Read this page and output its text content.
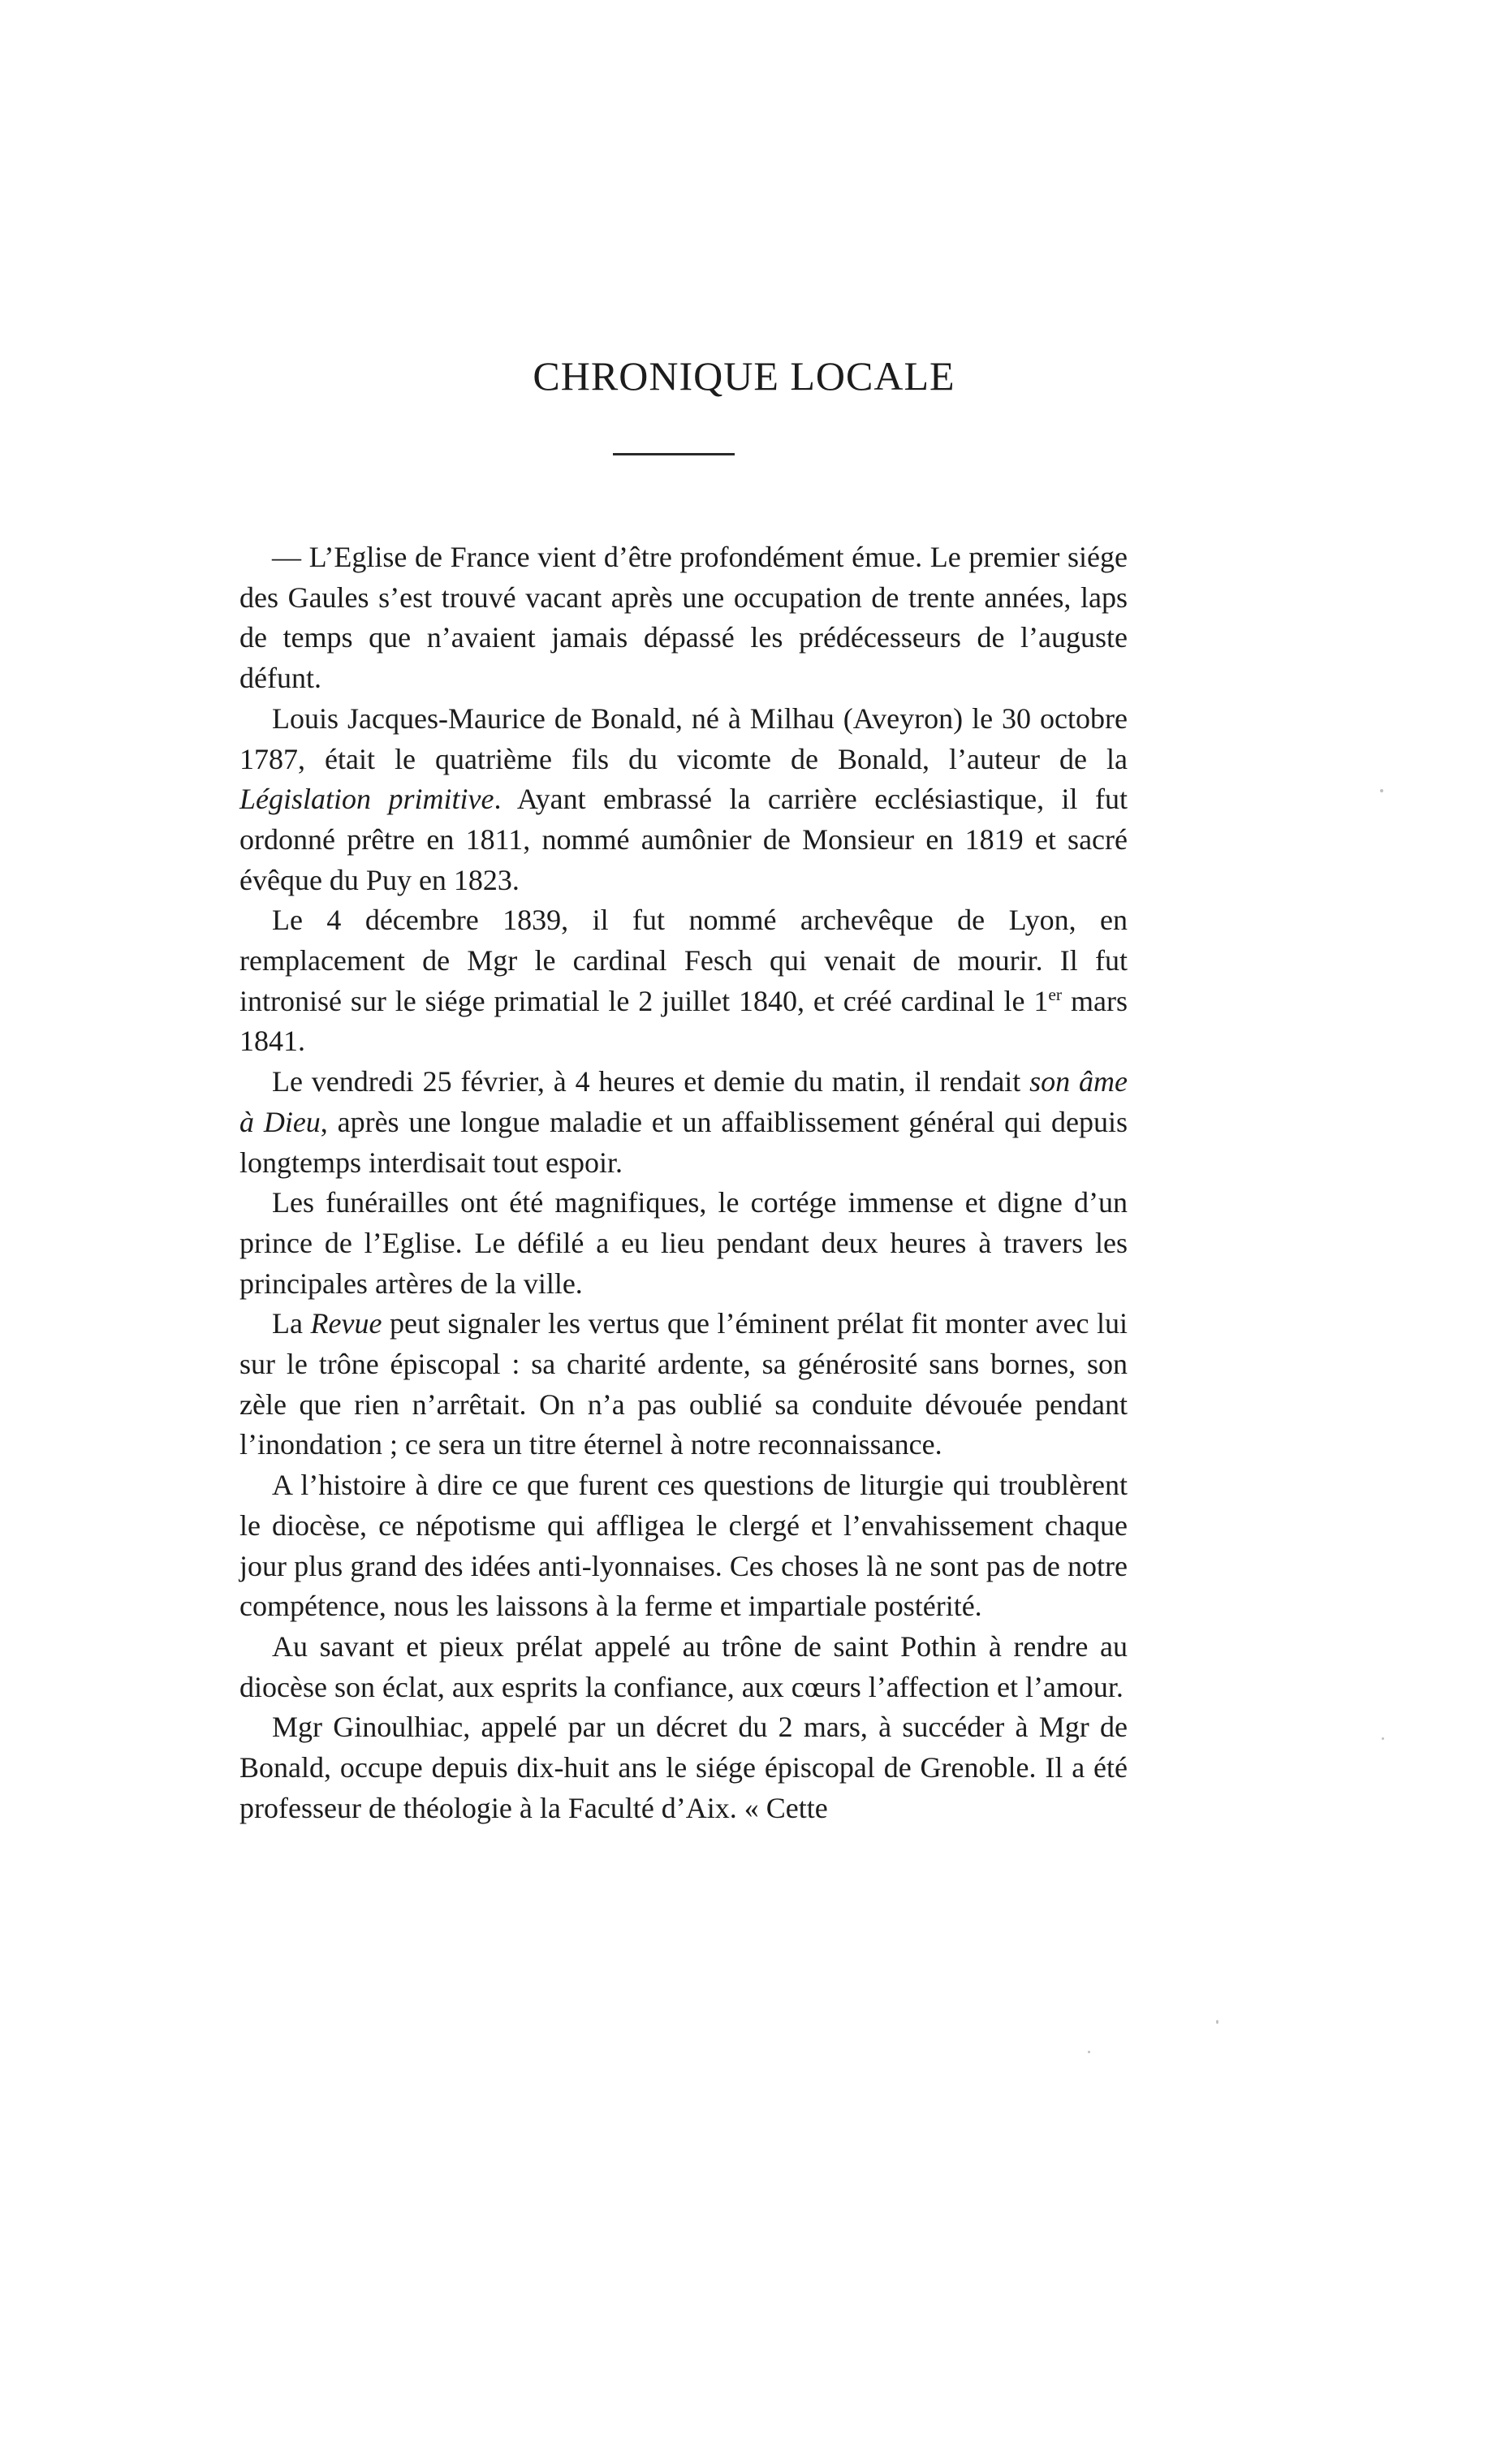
CHRONIQUE LOCALE

— L’Eglise de France vient d’être profondément émue. Le premier siége des Gaules s’est trouvé vacant après une occupation de trente années, laps de temps que n’avaient jamais dépassé les prédécesseurs de l’auguste défunt.

Louis Jacques-Maurice de Bonald, né à Milhau (Aveyron) le 30 octobre 1787, était le quatrième fils du vicomte de Bonald, l’auteur de la Législation primitive. Ayant embrassé la carrière ecclésiastique, il fut ordonné prêtre en 1811, nommé aumônier de Monsieur en 1819 et sacré évêque du Puy en 1823.

Le 4 décembre 1839, il fut nommé archevêque de Lyon, en remplacement de Mgr le cardinal Fesch qui venait de mourir. Il fut intronisé sur le siége primatial le 2 juillet 1840, et créé cardinal le 1er mars 1841.

Le vendredi 25 février, à 4 heures et demie du matin, il rendait son âme à Dieu, après une longue maladie et un affaiblissement général qui depuis longtemps interdisait tout espoir.

Les funérailles ont été magnifiques, le cortége immense et digne d’un prince de l’Eglise. Le défilé a eu lieu pendant deux heures à travers les principales artères de la ville.

La Revue peut signaler les vertus que l’éminent prélat fit monter avec lui sur le trône épiscopal : sa charité ardente, sa générosité sans bornes, son zèle que rien n’arrêtait. On n’a pas oublié sa conduite dévouée pendant l’inondation ; ce sera un titre éternel à notre reconnaissance.

A l’histoire à dire ce que furent ces questions de liturgie qui troublèrent le diocèse, ce népotisme qui affligea le clergé et l’envahissement chaque jour plus grand des idées anti-lyonnaises. Ces choses là ne sont pas de notre compétence, nous les laissons à la ferme et impartiale postérité.

Au savant et pieux prélat appelé au trône de saint Pothin à rendre au diocèse son éclat, aux esprits la confiance, aux cœurs l’affection et l’amour.

Mgr Ginoulhiac, appelé par un décret du 2 mars, à succéder à Mgr de Bonald, occupe depuis dix-huit ans le siége épiscopal de Grenoble. Il a été professeur de théologie à la Faculté d’Aix. « Cette
